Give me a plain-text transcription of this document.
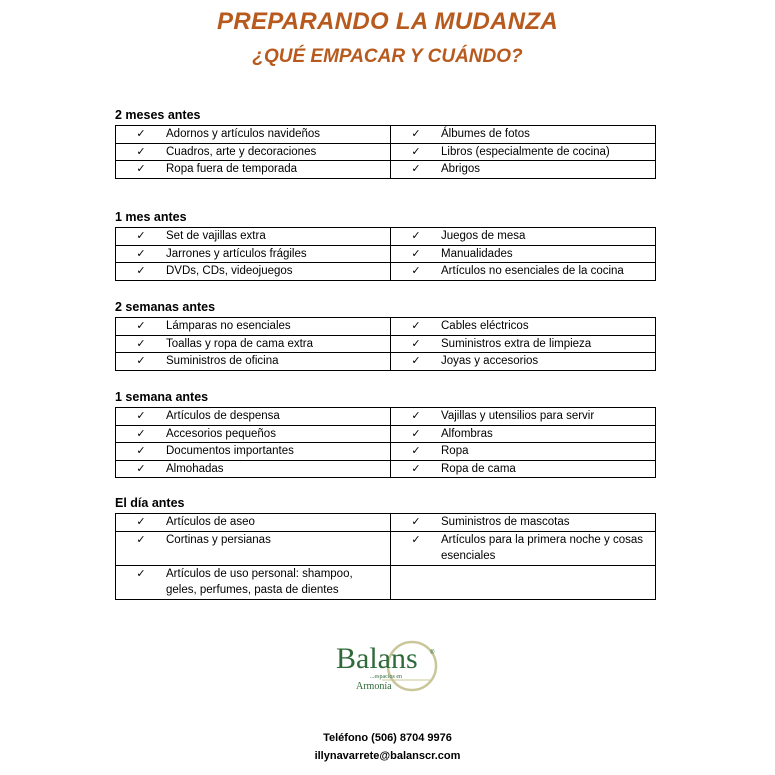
PREPARANDO LA MUDANZA
¿QUÉ EMPACAR Y CUÁNDO?
2 meses antes
✓ Adornos y artículos navideños	✓ Álbumes de fotos

✓ Cuadros, arte y decoraciones	✓ Libros (especialmente de cocina)

✓ Ropa fuera de temporada	✓ Abrigos
1 mes antes
✓ Set de vajillas extra	✓ Juegos de mesa

✓ Jarrones y artículos frágiles	✓ Manualidades

✓ DVDs, CDs, videojuegos	✓ Artículos no esenciales de la cocina
2 semanas antes
✓ Lámparas no esenciales	✓ Cables eléctricos

✓ Toallas y ropa de cama extra	✓ Suministros extra de limpieza

✓ Suministros de oficina	✓ Joyas y accesorios
1 semana antes
✓ Artículos de despensa	✓ Vajillas y utensilios para servir

✓ Accesorios pequeños	✓ Alfombras

✓ Documentos importantes	✓ Ropa

✓ Almohadas	✓ Ropa de cama
El día antes
✓ Artículos de aseo	✓ Suministros de mascotas

✓ Cortinas y persianas	✓ Artículos para la primera noche y cosas esenciales

✓ Artículos de uso personal: shampoo, geles, perfumes, pasta de dientes	

Balans ®
...espacios en
Armonía
Teléfono (506) 8704 9976
illynavarrete@balanscr.com
